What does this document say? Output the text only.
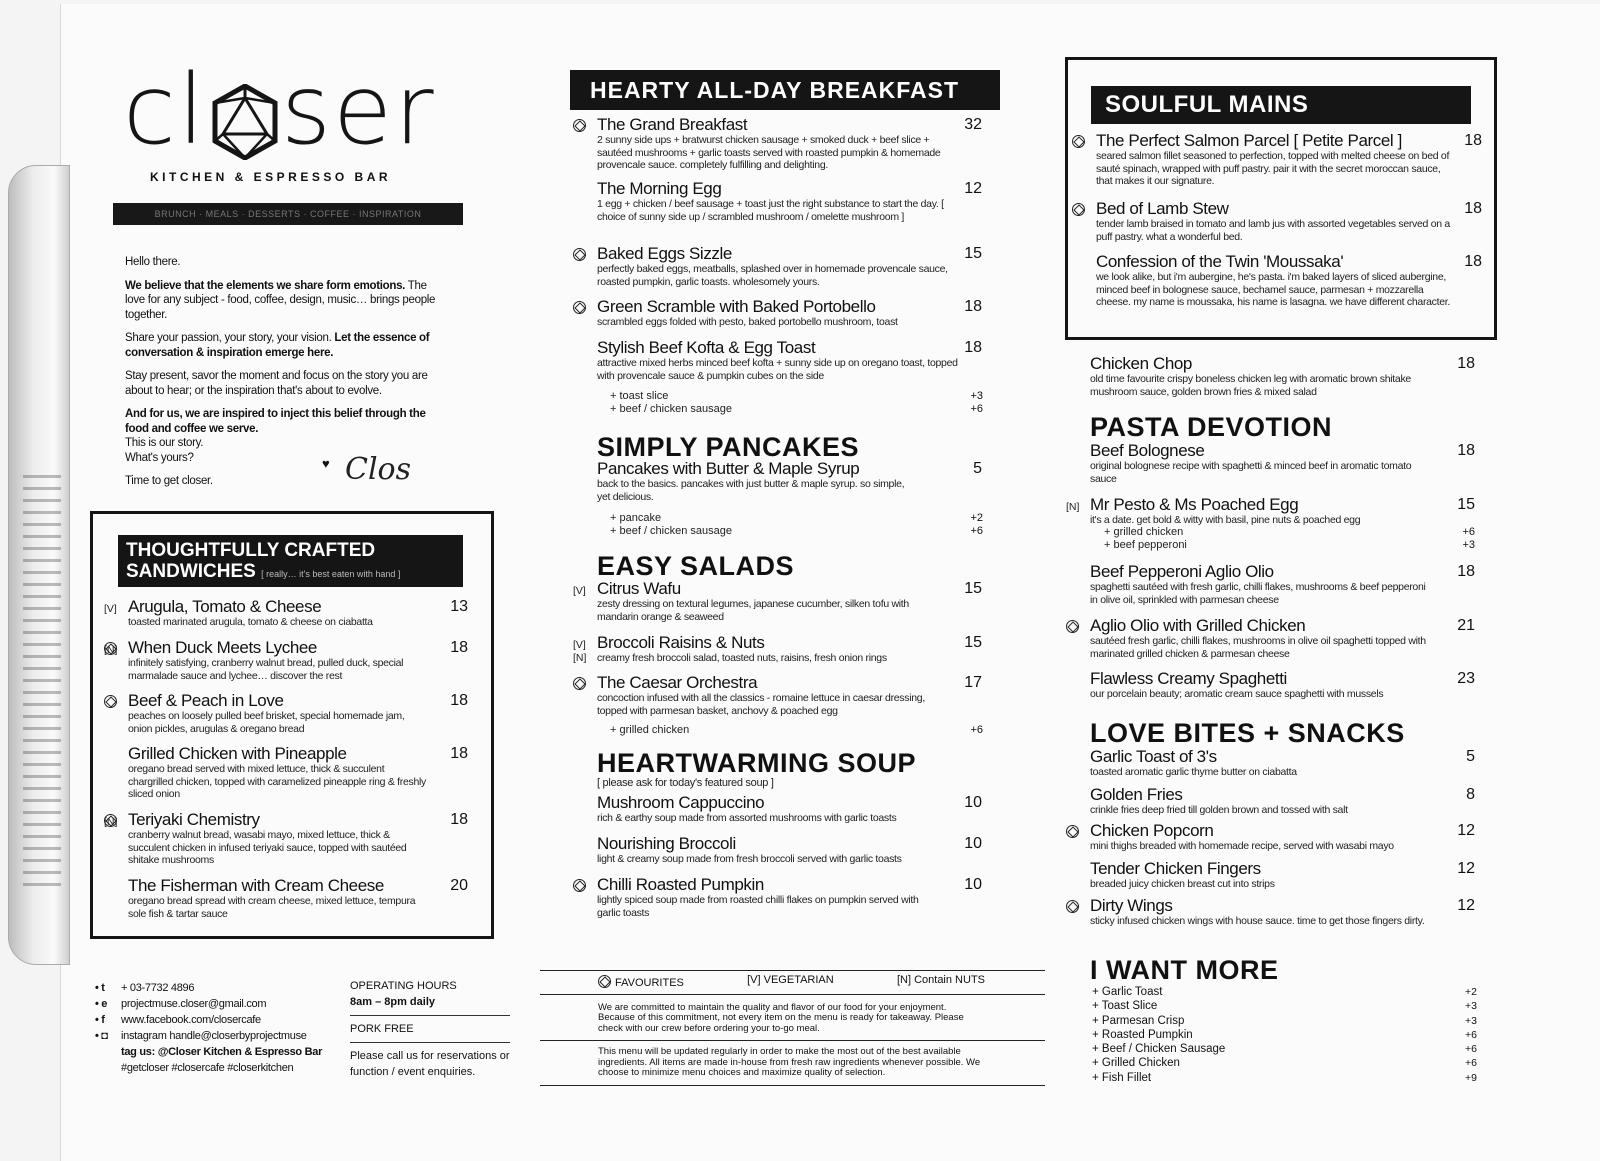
cl ser
KITCHEN & ESPRESSO BAR
BRUNCH · MEALS · DESSERTS · COFFEE · INSPIRATION

Hello there.

We believe that the elements we share form emotions. The love for any subject - food, coffee, design, music… brings people together.

Share your passion, your story, your vision. Let the essence of conversation & inspiration emerge here.

Stay present, savor the moment and focus on the story you are about to hear; or the inspiration that's about to evolve.

And for us, we are inspired to inject this belief through the food and coffee we serve.
This is our story.
What's yours?

Time to get closer.

♥ Clos
THOUGHTFULLY CRAFTED
SANDWICHES [ really… it's best eaten with hand ]
[V] Arugula, Tomato & Cheese
toasted marinated arugula, tomato & cheese on ciabatta
13
[N] When Duck Meets Lychee
infinitely satisfying, cranberry walnut bread, pulled duck, special marmalade sauce and lychee… discover the rest
18
Beef & Peach in Love
peaches on loosely pulled beef brisket, special homemade jam, onion pickles, arugulas & oregano bread
18
Grilled Chicken with Pineapple
oregano bread served with mixed lettuce, thick & succulent chargrilled chicken, topped with caramelized pineapple ring & freshly sliced onion
18
[N] Teriyaki Chemistry
cranberry walnut bread, wasabi mayo, mixed lettuce, thick & succulent chicken in infused teriyaki sauce, topped with sautéed shitake mushrooms
18
The Fisherman with Cream Cheese
oregano bread spread with cream cheese, mixed lettuce, tempura sole fish & tartar sauce
20
• t + 03-7732 4896
• e projectmuse.closer@gmail.com
• f www.facebook.com/closercafe
• ◘ instagram handle@closerbyprojectmuse
tag us: @Closer Kitchen & Espresso Bar
#getcloser #closercafe #closerkitchen
OPERATING HOURS
8am – 8pm daily
PORK FREE
Please call us for reservations or function / event enquiries.
HEARTY ALL-DAY BREAKFAST
The Grand Breakfast
2 sunny side ups + bratwurst chicken sausage + smoked duck + beef slice + sautéed mushrooms + garlic toasts served with roasted pumpkin & homemade provencale sauce. completely fulfilling and delighting.
32
The Morning Egg
1 egg + chicken / beef sausage + toast just the right substance to start the day. [ choice of sunny side up / scrambled mushroom / omelette mushroom ]
12
Baked Eggs Sizzle
perfectly baked eggs, meatballs, splashed over in homemade provencale sauce, roasted pumpkin, garlic toasts. wholesomely yours.
15
Green Scramble with Baked Portobello
scrambled eggs folded with pesto, baked portobello mushroom, toast
18
Stylish Beef Kofta & Egg Toast
attractive mixed herbs minced beef kofta + sunny side up on oregano toast, topped with provencale sauce & pumpkin cubes on the side
18
+ toast slice	+3
+ beef / chicken sausage	+6
SIMPLY PANCAKES
Pancakes with Butter & Maple Syrup
back to the basics. pancakes with just butter & maple syrup. so simple, yet delicious.
5
+ pancake	+2
+ beef / chicken sausage	+6
EASY SALADS
[V] Citrus Wafu
zesty dressing on textural legumes, japanese cucumber, silken tofu with mandarin orange & seaweed
15
[V]
[N]
Broccoli Raisins & Nuts
creamy fresh broccoli salad, toasted nuts, raisins, fresh onion rings
15
The Caesar Orchestra
concoction infused with all the classics - romaine lettuce in caesar dressing, topped with parmesan basket, anchovy & poached egg
17
+ grilled chicken	+6
HEARTWARMING SOUP
[ please ask for today's featured soup ]
Mushroom Cappuccino
rich & earthy soup made from assorted mushrooms with garlic toasts
10
Nourishing Broccoli
light & creamy soup made from fresh broccoli served with garlic toasts
10
Chilli Roasted Pumpkin
lightly spiced soup made from roasted chilli flakes on pumpkin served with garlic toasts
10
FAVOURITES	[V] VEGETARIAN	[N] Contain NUTS
We are committed to maintain the quality and flavor of our food for your enjoyment. Because of this commitment, not every item on the menu is ready for takeaway. Please check with our crew before ordering your to-go meal.
This menu will be updated regularly in order to make the most out of the best available ingredients. All items are made in-house from fresh raw ingredients whenever possible. We choose to minimize menu choices and maximize quality of selection.
SOULFUL MAINS
The Perfect Salmon Parcel [ Petite Parcel ]
seared salmon fillet seasoned to perfection, topped with melted cheese on bed of sauté spinach, wrapped with puff pastry. pair it with the secret moroccan sauce, that makes it our signature.
18
Bed of Lamb Stew
tender lamb braised in tomato and lamb jus with assorted vegetables served on a puff pastry. what a wonderful bed.
18
Confession of the Twin 'Moussaka'
we look alike, but i'm aubergine, he's pasta. i'm baked layers of sliced aubergine, minced beef in bolognese sauce, bechamel sauce, parmesan + mozzarella cheese. my name is moussaka, his name is lasagna. we have different character.
18
Chicken Chop
old time favourite crispy boneless chicken leg with aromatic brown shitake mushroom sauce, golden brown fries & mixed salad
18
PASTA DEVOTION
Beef Bolognese
original bolognese recipe with spaghetti & minced beef in aromatic tomato sauce
18
[N] Mr Pesto & Ms Poached Egg
it's a date. get bold & witty with basil, pine nuts & poached egg
15
Beef Pepperoni Aglio Olio
spaghetti sautéed with fresh garlic, chilli flakes, mushrooms & beef pepperoni in olive oil, sprinkled with parmesan cheese
18
Aglio Olio with Grilled Chicken
sautéed fresh garlic, chilli flakes, mushrooms in olive oil spaghetti topped with marinated grilled chicken & parmesan cheese
21
Flawless Creamy Spaghetti
our porcelain beauty; aromatic cream sauce spaghetti with mussels
23
+ grilled chicken	+6
+ beef pepperoni	+3
LOVE BITES + SNACKS
Garlic Toast of 3's
toasted aromatic garlic thyme butter on ciabatta
5
Golden Fries
crinkle fries deep fried till golden brown and tossed with salt
8
Chicken Popcorn
mini thighs breaded with homemade recipe, served with wasabi mayo
12
Tender Chicken Fingers
breaded juicy chicken breast cut into strips
12
Dirty Wings
sticky infused chicken wings with house sauce. time to get those fingers dirty.
12
I WANT MORE
+ Garlic Toast	+2
+ Toast Slice	+3
+ Parmesan Crisp	+3
+ Roasted Pumpkin	+6
+ Beef / Chicken Sausage	+6
+ Grilled Chicken	+6
+ Fish Fillet	+9
